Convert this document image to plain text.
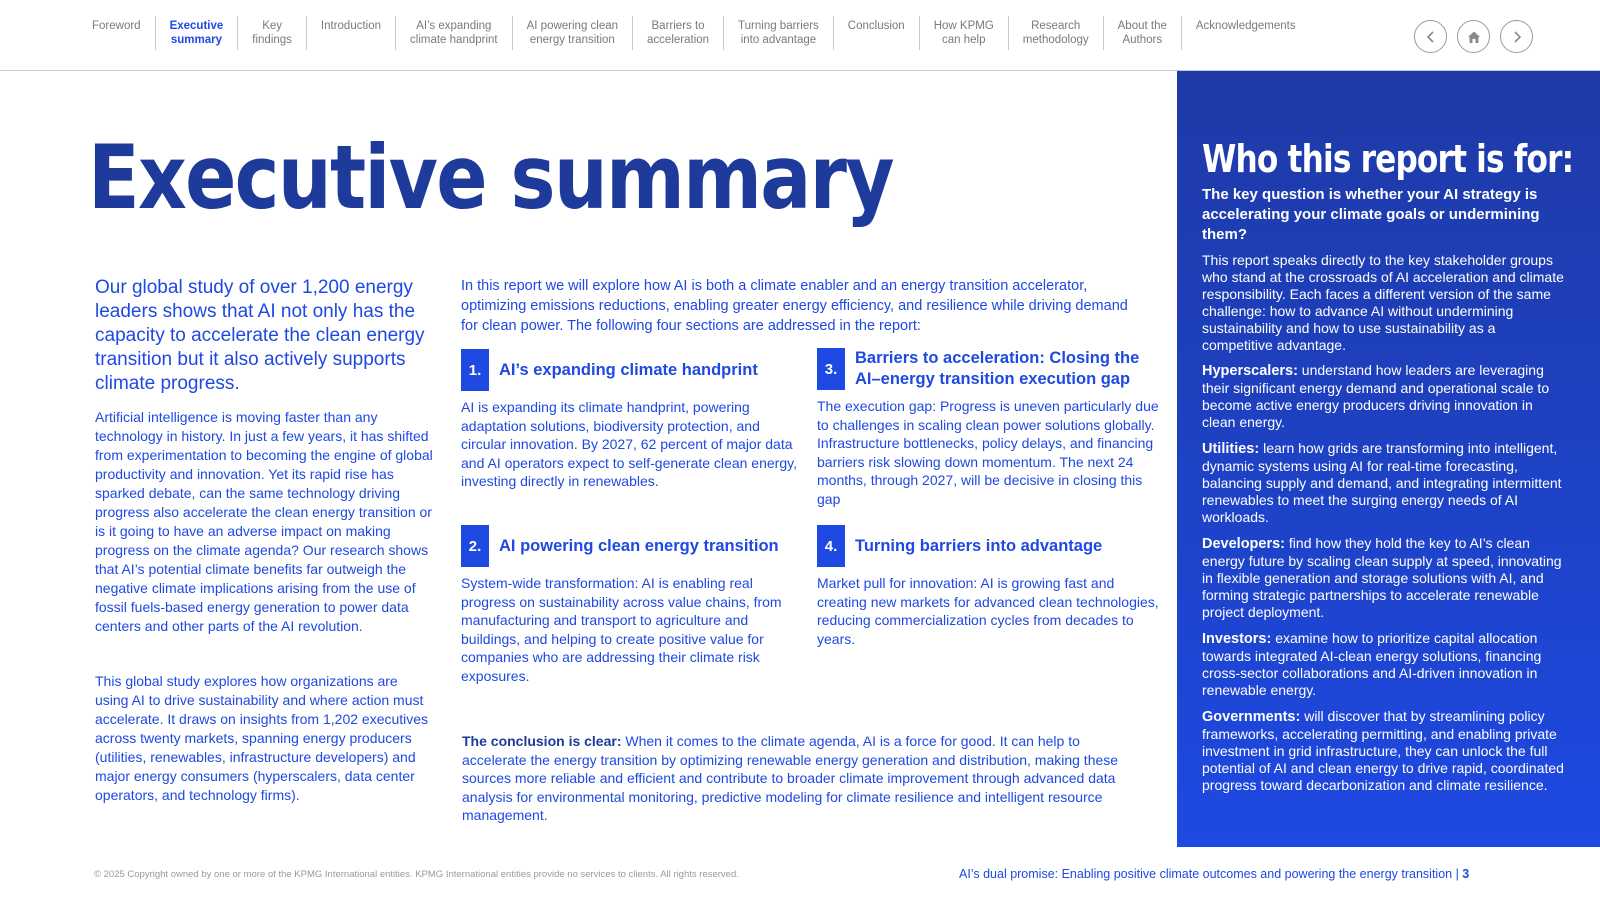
Foreword	Executive
summary
Key
findings
Introduction	AI’s expanding
climate handprint
AI powering clean
energy transition
Barriers to
acceleration
Turning barriers
into advantage
Conclusion	How KPMG
can help
Research
methodology
About the
Authors
Acknowledgements
Executive summary

Our global study of over 1,200 energy leaders shows that AI not only has the capacity to accelerate the clean energy transition but it also actively supports climate progress.

Artificial intelligence is moving faster than any technology in history. In just a few years, it has shifted from experimentation to becoming the engine of global productivity and innovation. Yet its rapid rise has sparked debate, can the same technology driving progress also accelerate the clean energy transition or is it going to have an adverse impact on making progress on the climate agenda? Our research shows that AI’s potential climate benefits far outweigh the negative climate implications arising from the use of fossil fuels-based energy generation to power data centers and other parts of the AI revolution.

This global study explores how organizations are using AI to drive sustainability and where action must accelerate. It draws on insights from 1,202 executives across twenty markets, spanning energy producers (utilities, renewables, infrastructure developers) and major energy consumers (hyperscalers, data center operators, and technology firms).

In this report we will explore how AI is both a climate enabler and an energy transition accelerator, optimizing emissions reductions, enabling greater energy efficiency, and resilience while driving demand for clean power. The following four sections are addressed in the report:

1.	AI’s expanding climate handprint

AI is expanding its climate handprint, powering adaptation solutions, biodiversity protection, and circular innovation. By 2027, 62 percent of major data and AI operators expect to self-generate clean energy, investing directly in renewables.

2.	AI powering clean energy transition

System-wide transformation: AI is enabling real progress on sustainability across value chains, from manufacturing and transport to agriculture and buildings, and helping to create positive value for companies who are addressing their climate risk exposures.

3.
Barriers to acceleration: Closing the AI–energy transition execution gap

The execution gap: Progress is uneven particularly due to challenges in scaling clean power solutions globally. Infrastructure bottlenecks, policy delays, and financing barriers risk slowing down momentum. The next 24 months, through 2027, will be decisive in closing this gap

4.	Turning barriers into advantage

Market pull for innovation: AI is growing fast and creating new markets for advanced clean technologies, reducing commercialization cycles from decades to years.

The conclusion is clear: When it comes to the climate agenda, AI is a force for good. It can help to accelerate the energy transition by optimizing renewable energy generation and distribution, making these sources more reliable and efficient and contribute to broader climate improvement through advanced data analysis for environmental monitoring, predictive modeling for climate resilience and intelligent resource management.

Who this report is for:

The key question is whether your AI strategy is accelerating your climate goals or undermining them?

This report speaks directly to the key stakeholder groups who stand at the crossroads of AI acceleration and climate responsibility. Each faces a different version of the same challenge: how to advance AI without undermining sustainability and how to use sustainability as a competitive advantage.

Hyperscalers: understand how leaders are leveraging their significant energy demand and operational scale to become active energy producers driving innovation in clean energy.

Utilities: learn how grids are transforming into intelligent, dynamic systems using AI for real-time forecasting, balancing supply and demand, and integrating intermittent renewables to meet the surging energy needs of AI workloads.

Developers: find how they hold the key to AI’s clean energy future by scaling clean supply at speed, innovating in flexible generation and storage solutions with AI, and forming strategic partnerships to accelerate renewable project deployment.

Investors: examine how to prioritize capital allocation towards integrated AI-clean energy solutions, financing cross-sector collaborations and AI-driven innovation in renewable energy.

Governments: will discover that by streamlining policy frameworks, accelerating permitting, and enabling private investment in grid infrastructure, they can unlock the full potential of AI and clean energy to drive rapid, coordinated progress toward decarbonization and climate resilience.

© 2025 Copyright owned by one or more of the KPMG International entities. KPMG International entities provide no services to clients. All rights reserved.	AI’s dual promise: Enabling positive climate outcomes and powering the energy transition | 3
